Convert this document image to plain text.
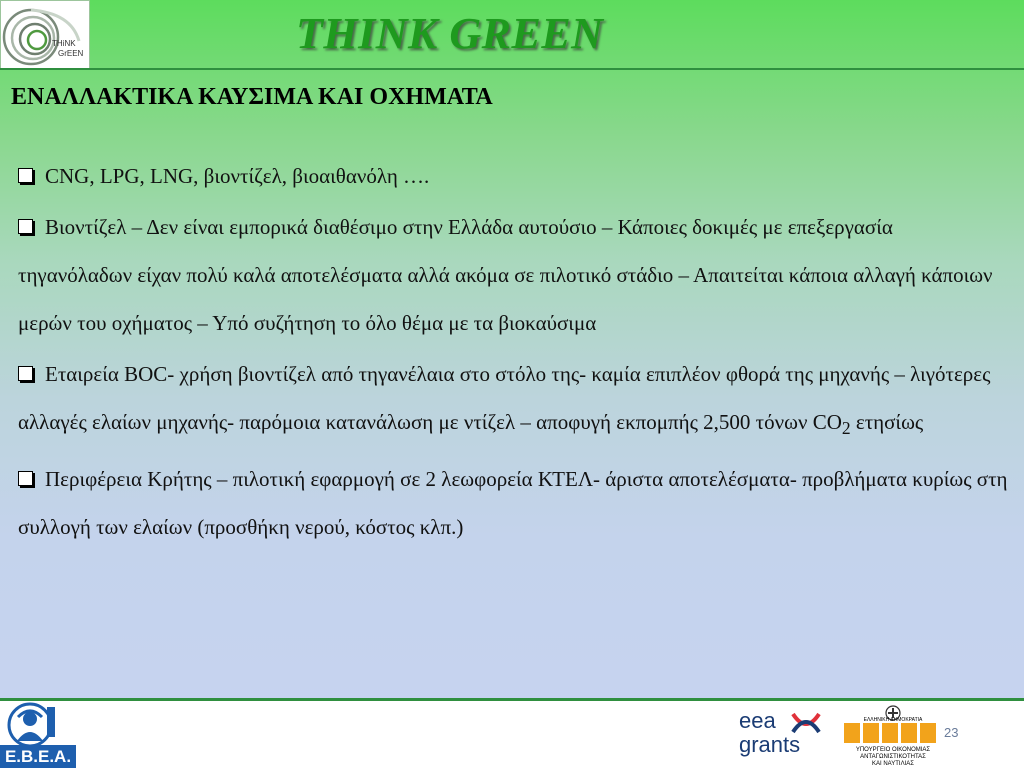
THiNK
GrEEN	THINK GREEN
ΕΝΑΛΛΑΚΤΙΚΑ ΚΑΥΣΙΜΑ ΚΑΙ ΟΧΗΜΑΤΑ

CNG, LPG, LNG, βιοντίζελ, βιοαιθανόλη ….

Βιοντίζελ – Δεν είναι εμπορικά διαθέσιμο στην Ελλάδα αυτούσιο – Κάποιες δοκιμές με επεξεργασία τηγανόλαδων είχαν πολύ καλά αποτελέσματα αλλά ακόμα σε πιλοτικό στάδιο – Απαιτείται κάποια αλλαγή κάποιων μερών του οχήματος – Υπό συζήτηση το όλο θέμα με τα βιοκαύσιμα

Εταιρεία BOC- χρήση βιοντίζελ από τηγανέλαια στο στόλο της- καμία επιπλέον φθορά της μηχανής – λιγότερες αλλαγές ελαίων μηχανής- παρόμοια κατανάλωση με ντίζελ – αποφυγή εκπομπής 2,500 τόνων $CO_2$ ετησίως

Περιφέρεια Κρήτης – πιλοτική εφαρμογή σε 2 λεωφορεία ΚΤΕΛ- άριστα αποτελέσματα- προβλήματα κυρίως στη συλλογή των ελαίων (προσθήκη νερού, κόστος κλπ.)

Ε.Β.Ε.Α.
eea
grants	ΥΠΟΥΡΓΕΙΟ ΟΙΚΟΝΟΜΙΑΣ
ΑΝΤΑΓΩΝΙΣΤΙΚΟΤΗΤΑΣ
ΚΑΙ ΝΑΥΤΙΛΙΑΣ
ΕΛΛΗΝΙΚΗ ΔΗΜΟΚΡΑΤΙΑ
23
